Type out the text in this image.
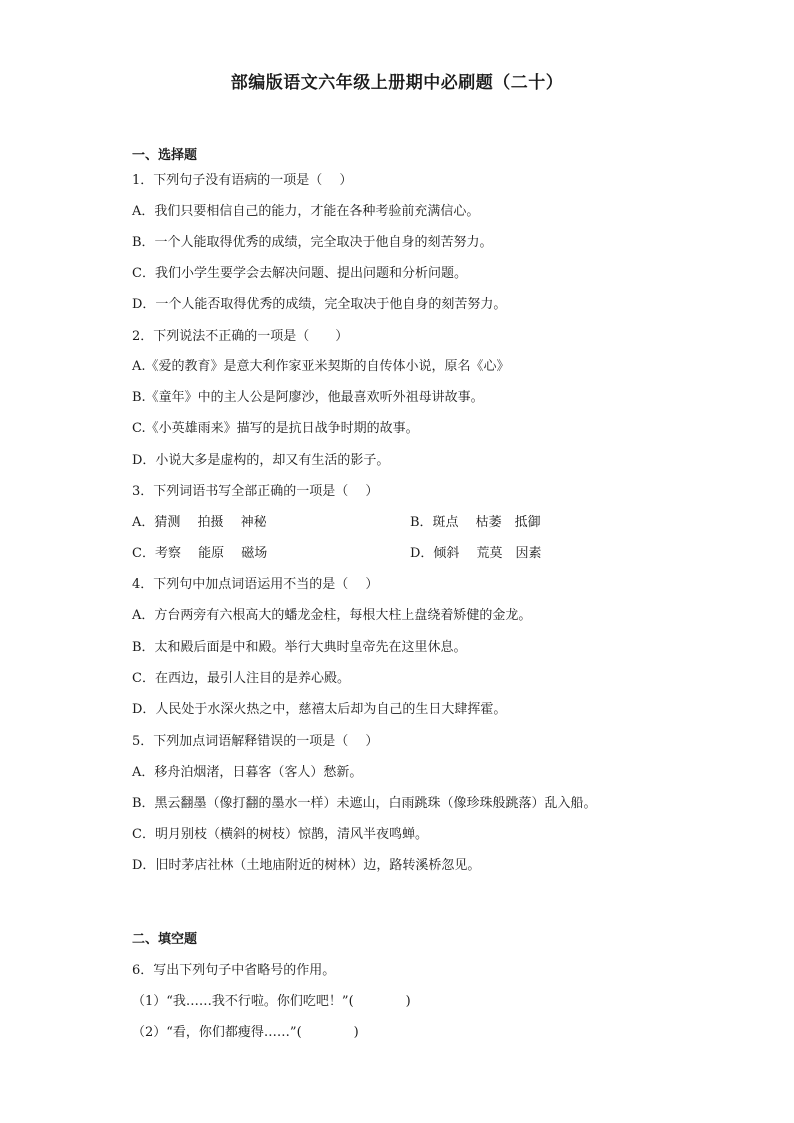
部编版语文六年级上册期中必刷题（二十）
一、选择题
1．下列句子没有语病的一项是（　 ）
A．我们只要相信自己的能力，才能在各种考验前充满信心。
B．一个人能取得优秀的成绩，完全取决于他自身的刻苦努力。
C．我们小学生要学会去解决问题、提出问题和分析问题。
D．一个人能否取得优秀的成绩，完全取决于他自身的刻苦努力。
2．下列说法不正确的一项是（　　）
A.《爱的教育》是意大利作家亚米契斯的自传体小说，原名《心》
B.《童年》中的主人公是阿廖沙，他最喜欢听外祖母讲故事。
C.《小英雄雨来》描写的是抗日战争时期的故事。
D．小说大多是虚构的，却又有生活的影子。
3．下列词语书写全部正确的一项是（　 ）
A．猜测　 拍摄　 神秘	B．斑点　 枯萎　抵御
C．考察　 能原　 磁场	D．倾斜　 荒莫　因素
4．下列句中加点词语运用不当的是（　 ）
A．方台两旁有六根高大的蟠龙金柱，每根大柱上盘绕着矫健的金龙。
B．太和殿后面是中和殿。举行大典时皇帝先在这里休息。
C．在西边，最引人注目的是养心殿。
D．人民处于水深火热之中，慈禧太后却为自己的生日大肆挥霍。
5．下列加点词语解释错误的一项是（　 ）
A．移舟泊烟渚，日暮客（客人）愁新。
B．黑云翻墨（像打翻的墨水一样）未遮山，白雨跳珠（像珍珠般跳落）乱入船。
C．明月别枝（横斜的树枝）惊鹊，清风半夜鸣蝉。
D．旧时茅店社林（土地庙附近的树林）边，路转溪桥忽见。
二、填空题
6．写出下列句子中省略号的作用。
（1）“我……我不行啦。你们吃吧！”(　　　　)
（2）“看，你们都瘦得……”(　　　　)
